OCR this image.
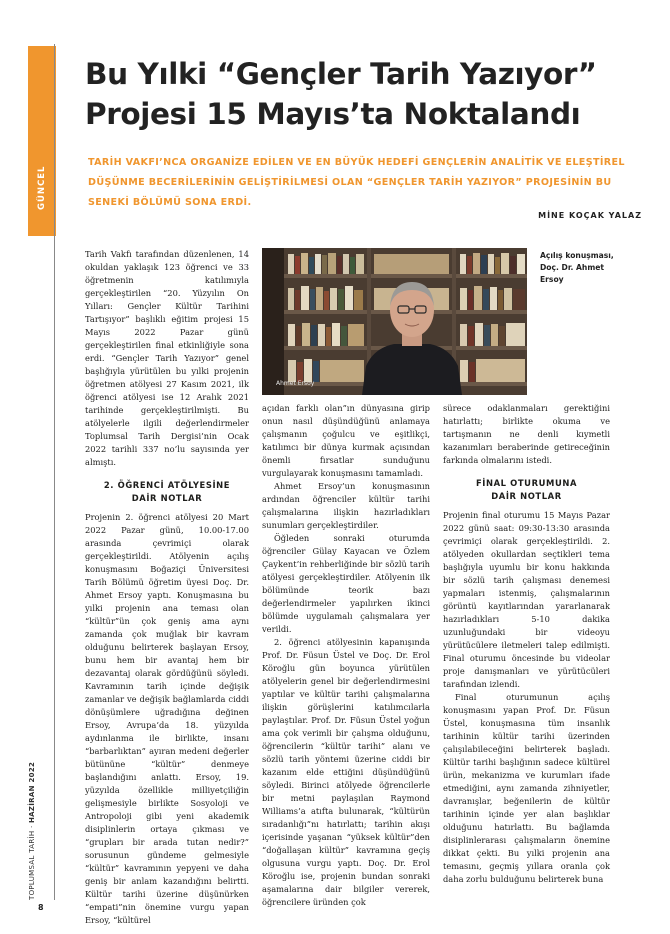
GÜNCEL
TOPLUMSAL TARİH · HAZİRAN 2022
8
Bu Yılki “Gençler Tarih Yazıyor”
Projesi 15 Mayıs’ta Noktalandı
TARİH VAKFI’NCA ORGANİZE EDİLEN VE EN BÜYÜK HEDEFİ GENÇLERİN ANALİTİK VE ELEŞTİREL
DÜŞÜNME BECERİLERİNİN GELİŞTİRİLMESİ OLAN “GENÇLER TARİH YAZIYOR” PROJESİNİN BU
SENEKİ BÖLÜMÜ SONA ERDİ.
MİNE KOÇAK YALAZ
Ahmet Ersoy
Açılış konuşması,
Doç. Dr. Ahmet
Ersoy

Tarih Vakfı tarafından düzenlenen, 14 okuldan yaklaşık 123 öğrenci ve 33 öğretmenin katılımıyla gerçekleştirilen “20. Yüzyılın On Yılları: Gençler Kültür Tarihini Tartışıyor” başlıklı eğitim projesi 15 Mayıs 2022 Pazar günü gerçekleştirilen final etkinliğiyle sona erdi. “Gençler Tarih Yazıyor” genel başlığıyla yürütülen bu yılki projenin öğretmen atölyesi 27 Kasım 2021, ilk öğrenci atölyesi ise 12 Aralık 2021 tarihinde gerçekleştirilmişti. Bu atölyelerle ilgili değerlendirmeler Toplumsal Tarih Dergisi’nin Ocak 2022 tarihli 337 no’lu sayısında yer almıştı.

2. ÖĞRENCİ ATÖLYESİNE
DAİR NOTLAR

Projenin 2. öğrenci atölyesi 20 Mart 2022 Pazar günü, 10.00-17.00 arasında çevrimiçi olarak gerçekleştirildi. Atölyenin açılış konuşmasını Boğaziçi Üniversitesi Tarih Bölümü öğretim üyesi Doç. Dr. Ahmet Ersoy yaptı. Konuşmasına bu yılki projenin ana teması olan “kültür”ün çok geniş ama aynı zamanda çok muğlak bir kavram olduğunu belirterek başlayan Ersoy, bunu hem bir avantaj hem bir dezavantaj olarak gördüğünü söyledi. Kavramının tarih içinde değişik zamanlar ve değişik bağlamlarda ciddi dönüşümlere uğradığına değinen Ersoy, Avrupa’da 18. yüzyılda aydınlanma ile birlikte, insanı “barbarlıktan” ayıran medeni değerler bütününe “kültür” denmeye başlandığını anlattı. Ersoy, 19. yüzyılda özellikle milliyetçiliğin gelişmesiyle birlikte Sosyoloji ve Antropoloji gibi yeni akademik disiplinlerin ortaya çıkması ve “grupları bir arada tutan nedir?” sorusunun gündeme gelmesiyle “kültür” kavramının yepyeni ve daha geniş bir anlam kazandığını belirtti. Kültür tarihi üzerine düşünürken “empati”nin önemine vurgu yapan Ersoy, “kültürel

açıdan farklı olan”ın dünyasına girip onun nasıl düşündüğünü anlamaya çalışmanın çoğulcu ve eşitlikçi, katılımcı bir dünya kurmak açısından önemli fırsatlar sunduğunu vurgulayarak konuşmasını tamamladı.

Ahmet Ersoy’un konuşmasının ardından öğrenciler kültür tarihi çalışmalarına ilişkin hazırladıkları sunumları gerçekleştirdiler.

Öğleden sonraki oturumda öğrenciler Gülay Kayacan ve Özlem Çaykent’in rehberliğinde bir sözlü tarih atölyesi gerçekleştirdiler. Atölyenin ilk bölümünde teorik bazı değerlendirmeler yapılırken ikinci bölümde uygulamalı çalışmalara yer verildi.

2. öğrenci atölyesinin kapanışında Prof. Dr. Füsun Üstel ve Doç. Dr. Erol Köroğlu gün boyunca yürütülen atölyelerin genel bir değerlendirmesini yaptılar ve kültür tarihi çalışmalarına ilişkin görüşlerini katılımcılarla paylaştılar. Prof. Dr. Füsun Üstel yoğun ama çok verimli bir çalışma olduğunu, öğrencilerin “kültür tarihi” alanı ve sözlü tarih yöntemi üzerine ciddi bir kazanım elde ettiğini düşündüğünü söyledi. Birinci atölyede öğrencilerle bir metni paylaşılan Raymond Williams’a atıfta bulunarak, “kültürün sıradanlığı”nı hatırlattı; tarihin akışı içerisinde yaşanan “yüksek kültür”den “doğallaşan kültür” kavramına geçiş olgusuna vurgu yaptı. Doç. Dr. Erol Köroğlu ise, projenin bundan sonraki aşamalarına dair bilgiler vererek, öğrencilere üründen çok

sürece odaklanmaları gerektiğini hatırlattı; birlikte okuma ve tartışmanın ne denli kıymetli kazanımları beraberinde getireceğinin farkında olmalarını istedi.

FİNAL OTURUMUNA
DAİR NOTLAR

Projenin final oturumu 15 Mayıs Pazar 2022 günü saat: 09:30-13:30 arasında çevrimiçi olarak gerçekleştirildi. 2. atölyeden okullardan seçtikleri tema başlığıyla uyumlu bir konu hakkında bir sözlü tarih çalışması denemesi yapmaları istenmiş, çalışmalarının görüntü kayıtlarından yararlanarak hazırladıkları 5-10 dakika uzunluğundaki bir videoyu yürütücülere iletmeleri talep edilmişti. Final oturumu öncesinde bu videolar proje danışmanları ve yürütücüleri tarafından izlendi.

Final oturumunun açılış konuşmasını yapan Prof. Dr. Füsun Üstel, konuşmasına tüm insanlık tarihinin kültür tarihi üzerinden çalışılabileceğini belirterek başladı. Kültür tarihi başlığının sadece kültürel ürün, mekanizma ve kurumları ifade etmediğini, aynı zamanda zihniyetler, davranışlar, beğenilerin de kültür tarihinin içinde yer alan başlıklar olduğunu hatırlattı. Bu bağlamda disiplinlerarası çalışmaların önemine dikkat çekti. Bu yılki projenin ana temasını, geçmiş yıllara oranla çok daha zorlu bulduğunu belirterek buna
